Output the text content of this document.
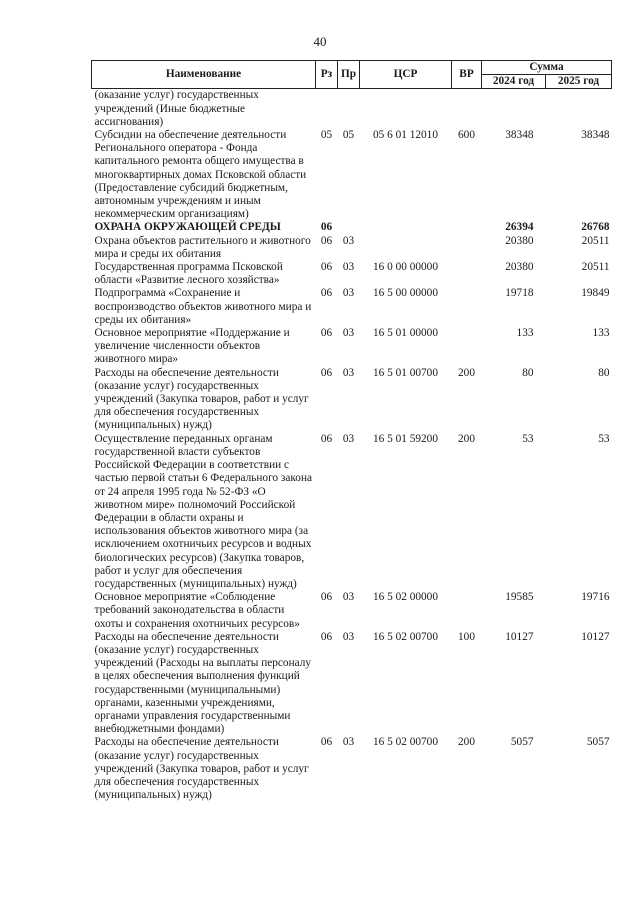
40
Наименование	Рз	Пр	ЦСР	ВР	Сумма	
					2024 год	2025 год
(оказание услуг) государственных учреждений (Иные бюджетные ассигнования)						
Субсидии на обеспечение деятельности Регионального оператора - Фонда капитального ремонта общего имущества в многоквартирных домах Псковской области (Предоставление субсидий бюджетным, автономным учреждениям и иным некоммерческим организациям)	05	05	05 6 01 12010	600	38348	38348
ОХРАНА ОКРУЖАЮЩЕЙ СРЕДЫ	06				26394	26768
Охрана объектов растительного и животного мира и среды их обитания	06	03			20380	20511
Государственная программа Псковской области «Развитие лесного хозяйства»	06	03	16 0 00 00000		20380	20511
Подпрограмма «Сохранение и воспроизводство объектов животного мира и среды их обитания»	06	03	16 5 00 00000		19718	19849
Основное мероприятие «Поддержание и увеличение численности объектов животного мира»	06	03	16 5 01 00000		133	133
Расходы на обеспечение деятельности (оказание услуг) государственных учреждений (Закупка товаров, работ и услуг для обеспечения государственных (муниципальных) нужд)	06	03	16 5 01 00700	200	80	80
Осуществление переданных органам государственной власти субъектов Российской Федерации в соответствии с частью первой статьи 6 Федерального закона от 24 апреля 1995 года № 52-ФЗ «О животном мире» полномочий Российской Федерации в области охраны и использования объектов животного мира (за исключением охотничьих ресурсов и водных биологических ресурсов) (Закупка товаров, работ и услуг для обеспечения государственных (муниципальных) нужд)	06	03	16 5 01 59200	200	53	53
Основное мероприятие «Соблюдение требований законодательства в области охоты и сохранения охотничьих ресурсов»	06	03	16 5 02 00000		19585	19716
Расходы на обеспечение деятельности (оказание услуг) государственных учреждений (Расходы на выплаты персоналу в целях обеспечения выполнения функций государственными (муниципальными) органами, казенными учреждениями, органами управления государственными внебюджетными фондами)	06	03	16 5 02 00700	100	10127	10127
Расходы на обеспечение деятельности (оказание услуг) государственных учреждений (Закупка товаров, работ и услуг для обеспечения государственных (муниципальных) нужд)	06	03	16 5 02 00700	200	5057	5057
